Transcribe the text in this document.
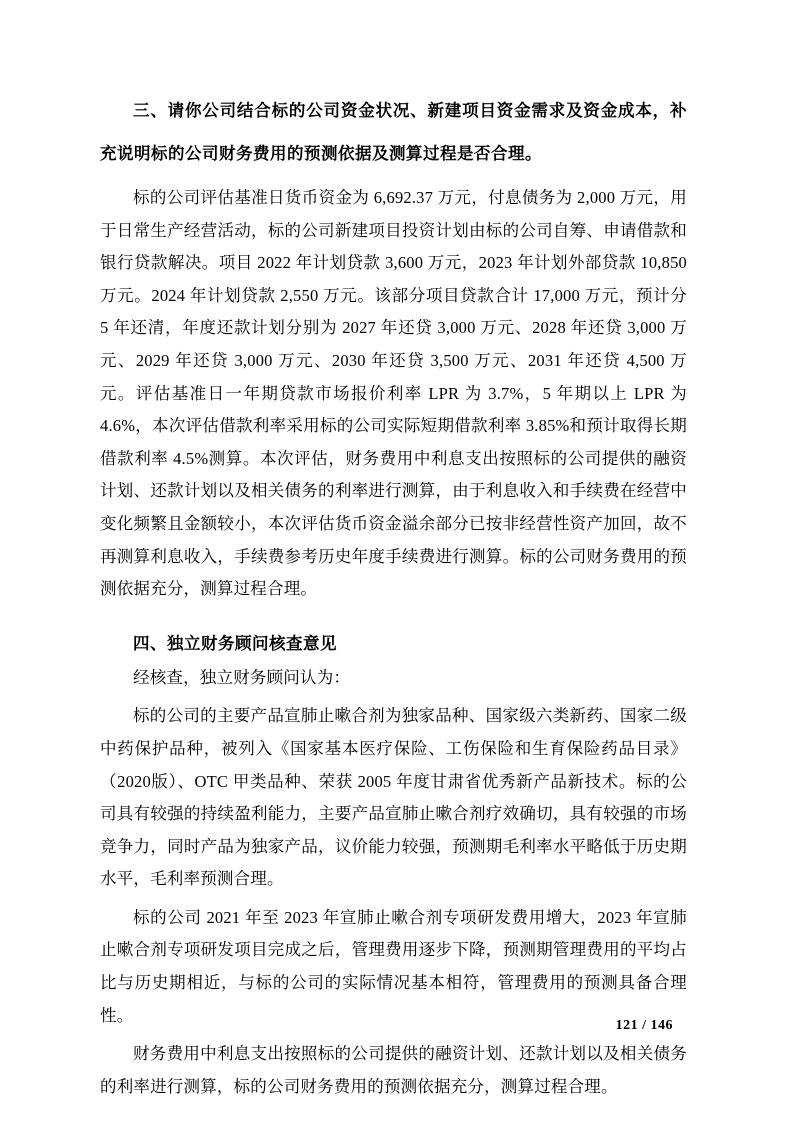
三、请你公司结合标的公司资金状况、新建项目资金需求及资金成本，补充说明标的公司财务费用的预测依据及测算过程是否合理。

标的公司评估基准日货币资金为 6,692.37 万元，付息债务为 2,000 万元，用于日常生产经营活动，标的公司新建项目投资计划由标的公司自筹、申请借款和银行贷款解决。项目 2022 年计划贷款 3,600 万元，2023 年计划外部贷款 10,850 万元。2024 年计划贷款 2,550 万元。该部分项目贷款合计 17,000 万元，预计分 5 年还清，年度还款计划分别为 2027 年还贷 3,000 万元、2028 年还贷 3,000 万元、2029 年还贷 3,000 万元、2030 年还贷 3,500 万元、2031 年还贷 4,500 万元。评估基准日一年期贷款市场报价利率 LPR 为 3.7%，5 年期以上 LPR 为 4.6%，本次评估借款利率采用标的公司实际短期借款利率 3.85%和预计取得长期借款利率 4.5%测算。本次评估，财务费用中利息支出按照标的公司提供的融资计划、还款计划以及相关债务的利率进行测算，由于利息收入和手续费在经营中变化频繁且金额较小，本次评估货币资金溢余部分已按非经营性资产加回，故不再测算利息收入，手续费参考历史年度手续费进行测算。标的公司财务费用的预测依据充分，测算过程合理。

四、独立财务顾问核查意见

经核查，独立财务顾问认为：

标的公司的主要产品宣肺止嗽合剂为独家品种、国家级六类新药、国家二级中药保护品种，被列入《国家基本医疗保险、工伤保险和生育保险药品目录》（2020版）、OTC 甲类品种、荣获 2005 年度甘肃省优秀新产品新技术。标的公司具有较强的持续盈利能力，主要产品宣肺止嗽合剂疗效确切，具有较强的市场竞争力，同时产品为独家产品，议价能力较强，预测期毛利率水平略低于历史期水平，毛利率预测合理。

标的公司 2021 年至 2023 年宣肺止嗽合剂专项研发费用增大，2023 年宣肺止嗽合剂专项研发项目完成之后，管理费用逐步下降，预测期管理费用的平均占比与历史期相近，与标的公司的实际情况基本相符，管理费用的预测具备合理性。

财务费用中利息支出按照标的公司提供的融资计划、还款计划以及相关债务的利率进行测算，标的公司财务费用的预测依据充分，测算过程合理。

121 / 146
